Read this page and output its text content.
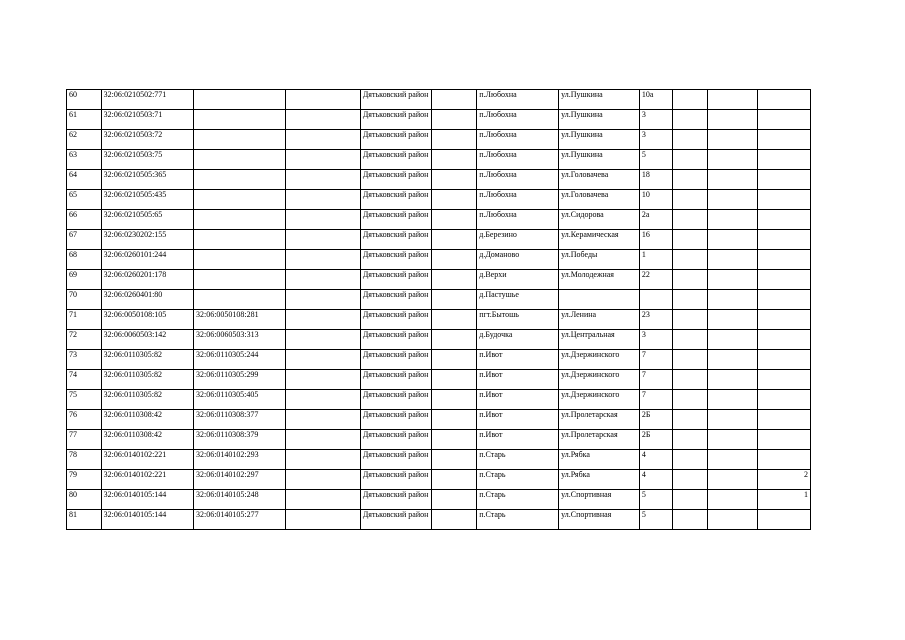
60	32:06:0210502:771			Дятьковский район		п.Любохна	ул.Пушкина	10а			
61	32:06:0210503:71			Дятьковский район		п.Любохна	ул.Пушкина	3			
62	32:06:0210503:72			Дятьковский район		п.Любохна	ул.Пушкина	3			
63	32:06:0210503:75			Дятьковский район		п.Любохна	ул.Пушкина	5			
64	32:06:0210505:365			Дятьковский район		п.Любохна	ул.Головачева	18			
65	32:06:0210505:435			Дятьковский район		п.Любохна	ул.Головачева	10			
66	32:06:0210505:65			Дятьковский район		п.Любохна	ул.Сидорова	2а			
67	32:06:0230202:155			Дятьковский район		д.Березино	ул.Керамическая	16			
68	32:06:0260101:244			Дятьковский район		д.Доманово	ул.Победы	1			
69	32:06:0260201:178			Дятьковский район		д.Верхи	ул.Молодежная	22			
70	32:06:0260401:80			Дятьковский район		д.Пастушье					
71	32:06:0050108:105	32:06:0050108:281		Дятьковский район		пгт.Бытошь	ул.Ленина	23			
72	32:06:0060503:142	32:06:0060503:313		Дятьковский район		д.Будочка	ул.Центральная	3			
73	32:06:0110305:82	32:06:0110305:244		Дятьковский район		п.Ивот	ул.Дзержинского	7			
74	32:06:0110305:82	32:06:0110305:299		Дятьковский район		п.Ивот	ул.Дзержинского	7			
75	32:06:0110305:82	32:06:0110305:405		Дятьковский район		п.Ивот	ул.Дзержинского	7			
76	32:06:0110308:42	32:06:0110308:377		Дятьковский район		п.Ивот	ул.Пролетарская	2Б			
77	32:06:0110308:42	32:06:0110308:379		Дятьковский район		п.Ивот	ул.Пролетарская	2Б			
78	32:06:0140102:221	32:06:0140102:293		Дятьковский район		п.Старь	ул.Рябка	4			
79	32:06:0140102:221	32:06:0140102:297		Дятьковский район		п.Старь	ул.Рябка	4			2
80	32:06:0140105:144	32:06:0140105:248		Дятьковский район		п.Старь	ул.Спортивная	5			1
81	32:06:0140105:144	32:06:0140105:277		Дятьковский район		п.Старь	ул.Спортивная	5			
